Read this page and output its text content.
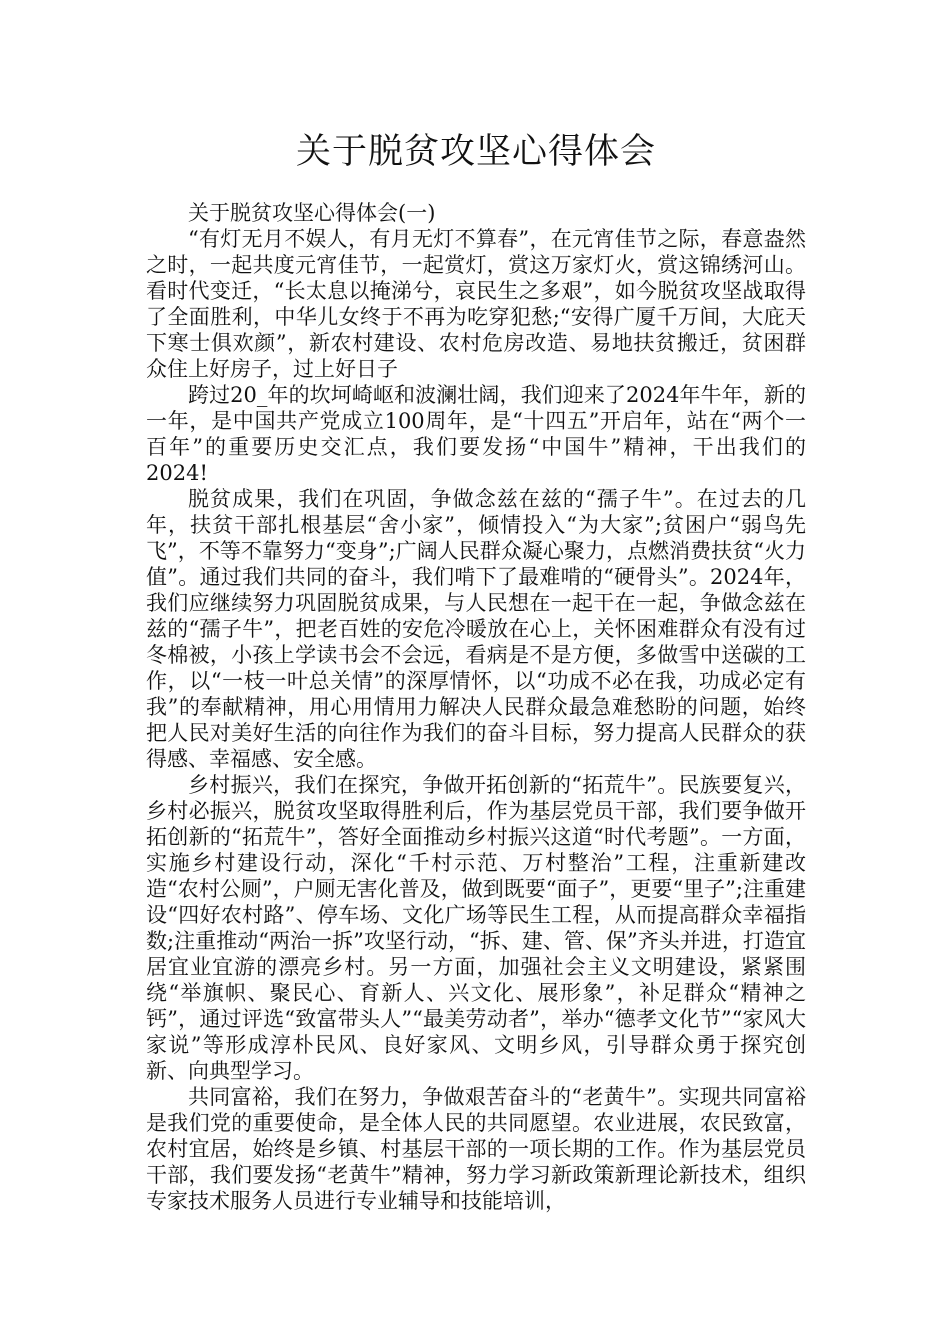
关于脱贫攻坚心得体会

关于脱贫攻坚心得体会(一)

“有灯无月不娱人，有月无灯不算春”，在元宵佳节之际，春意盎然之时，一起共度元宵佳节，一起赏灯，赏这万家灯火，赏这锦绣河山。看时代变迁，“长太息以掩涕兮，哀民生之多艰”，如今脱贫攻坚战取得了全面胜利，中华儿女终于不再为吃穿犯愁;“安得广厦千万间，大庇天下寒士俱欢颜”，新农村建设、农村危房改造、易地扶贫搬迁，贫困群众住上好房子，过上好日子

跨过20_年的坎坷崎岖和波澜壮阔，我们迎来了2024年牛年，新的一年，是中国共产党成立100周年，是“十四五”开启年，站在“两个一百年”的重要历史交汇点，我们要发扬“中国牛”精神，干出我们的2024!

脱贫成果，我们在巩固，争做念兹在兹的“孺子牛”。在过去的几年，扶贫干部扎根基层“舍小家”，倾情投入“为大家”;贫困户“弱鸟先飞”，不等不靠努力“变身”;广阔人民群众凝心聚力，点燃消费扶贫“火力值”。通过我们共同的奋斗，我们啃下了最难啃的“硬骨头”。2024年，我们应继续努力巩固脱贫成果，与人民想在一起干在一起，争做念兹在兹的“孺子牛”，把老百姓的安危冷暖放在心上，关怀困难群众有没有过冬棉被，小孩上学读书会不会远，看病是不是方便，多做雪中送碳的工作，以“一枝一叶总关情”的深厚情怀，以“功成不必在我，功成必定有我”的奉献精神，用心用情用力解决人民群众最急难愁盼的问题，始终把人民对美好生活的向往作为我们的奋斗目标，努力提高人民群众的获得感、幸福感、安全感。

乡村振兴，我们在探究，争做开拓创新的“拓荒牛”。民族要复兴，乡村必振兴，脱贫攻坚取得胜利后，作为基层党员干部，我们要争做开拓创新的“拓荒牛”，答好全面推动乡村振兴这道“时代考题”。一方面，实施乡村建设行动，深化“千村示范、万村整治”工程，注重新建改造“农村公厕”，户厕无害化普及，做到既要“面子”，更要“里子”;注重建设“四好农村路”、停车场、文化广场等民生工程，从而提高群众幸福指数;注重推动“两治一拆”攻坚行动，“拆、建、管、保”齐头并进，打造宜居宜业宜游的漂亮乡村。另一方面，加强社会主义文明建设，紧紧围绕“举旗帜、聚民心、育新人、兴文化、展形象”，补足群众“精神之钙”，通过评选“致富带头人”“最美劳动者”，举办“德孝文化节”“家风大家说”等形成淳朴民风、良好家风、文明乡风，引导群众勇于探究创新、向典型学习。

共同富裕，我们在努力，争做艰苦奋斗的“老黄牛”。实现共同富裕是我们党的重要使命，是全体人民的共同愿望。农业进展，农民致富，农村宜居，始终是乡镇、村基层干部的一项长期的工作。作为基层党员干部，我们要发扬“老黄牛”精神，努力学习新政策新理论新技术，组织专家技术服务人员进行专业辅导和技能培训，
